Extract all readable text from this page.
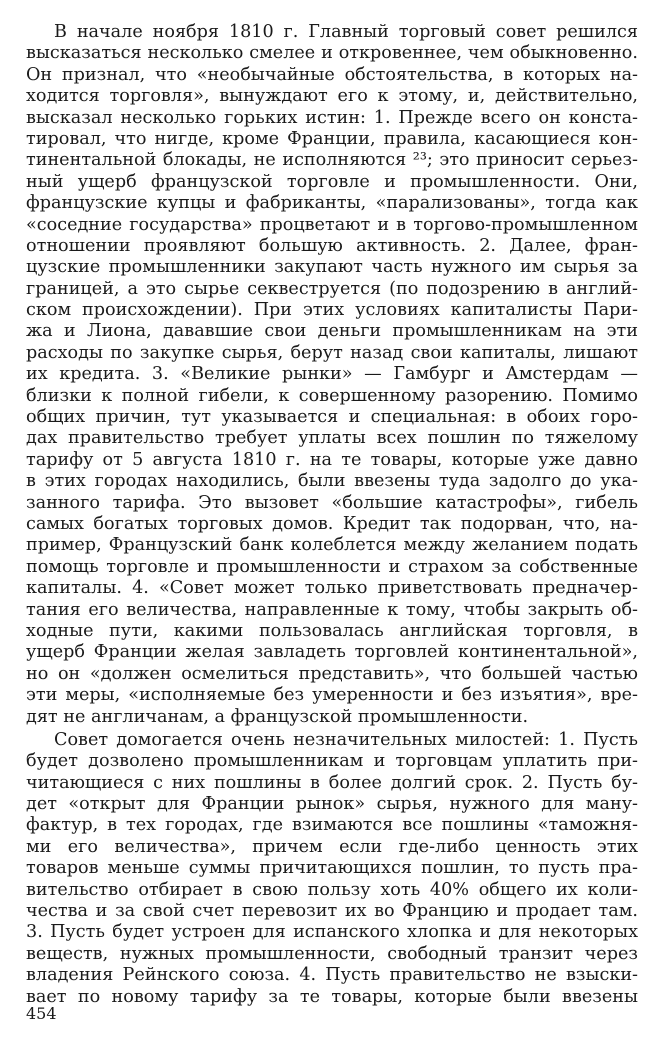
В начале ноября 1810 г. Главный торговый совет решился
высказаться несколько смелее и откровеннее, чем обыкновенно.
Он признал, что «необычайные обстоятельства, в которых на-
ходится торговля», вынуждают его к этому, и, действительно,
высказал несколько горьких истин: 1. Прежде всего он конста-
тировал, что нигде, кроме Франции, правила, касающиеся кон-
тинентальной блокады, не исполняются ²³; это приносит серьез-
ный ущерб французской торговле и промышленности. Они,
французские купцы и фабриканты, «парализованы», тогда как
«соседние государства» процветают и в торгово-промышленном
отношении проявляют большую активность. 2. Далее, фран-
цузские промышленники закупают часть нужного им сырья за
границей, а это сырье секвеструется (по подозрению в англий-
ском происхождении). При этих условиях капиталисты Пари-
жа и Лиона, дававшие свои деньги промышленникам на эти
расходы по закупке сырья, берут назад свои капиталы, лишают
их кредита. 3. «Великие рынки» — Гамбург и Амстердам —
близки к полной гибели, к совершенному разорению. Помимо
общих причин, тут указывается и специальная: в обоих горо-
дах правительство требует уплаты всех пошлин по тяжелому
тарифу от 5 августа 1810 г. на те товары, которые уже давно
в этих городах находились, были ввезены туда задолго до ука-
занного тарифа. Это вызовет «большие катастрофы», гибель
самых богатых торговых домов. Кредит так подорван, что, на-
пример, Французский банк колеблется между желанием подать
помощь торговле и промышленности и страхом за собственные
капиталы. 4. «Совет может только приветствовать предначер-
тания его величества, направленные к тому, чтобы закрыть об-
ходные пути, какими пользовалась английская торговля, в
ущерб Франции желая завладеть торговлей континентальной»,
но он «должен осмелиться представить», что большей частью
эти меры, «исполняемые без умеренности и без изъятия», вре-
дят не англичанам, а французской промышленности.
Совет домогается очень незначительных милостей: 1. Пусть
будет дозволено промышленникам и торговцам уплатить при-
читающиеся с них пошлины в более долгий срок. 2. Пусть бу-
дет «открыт для Франции рынок» сырья, нужного для ману-
фактур, в тех городах, где взимаются все пошлины «таможня-
ми его величества», причем если где-либо ценность этих
товаров меньше суммы причитающихся пошлин, то пусть пра-
вительство отбирает в свою пользу хоть 40% общего их коли-
чества и за свой счет перевозит их во Францию и продает там.
3. Пусть будет устроен для испанского хлопка и для некоторых
веществ, нужных промышленности, свободный транзит через
владения Рейнского союза. 4. Пусть правительство не взыски-
вает по новому тарифу за те товары, которые были ввезены
454
